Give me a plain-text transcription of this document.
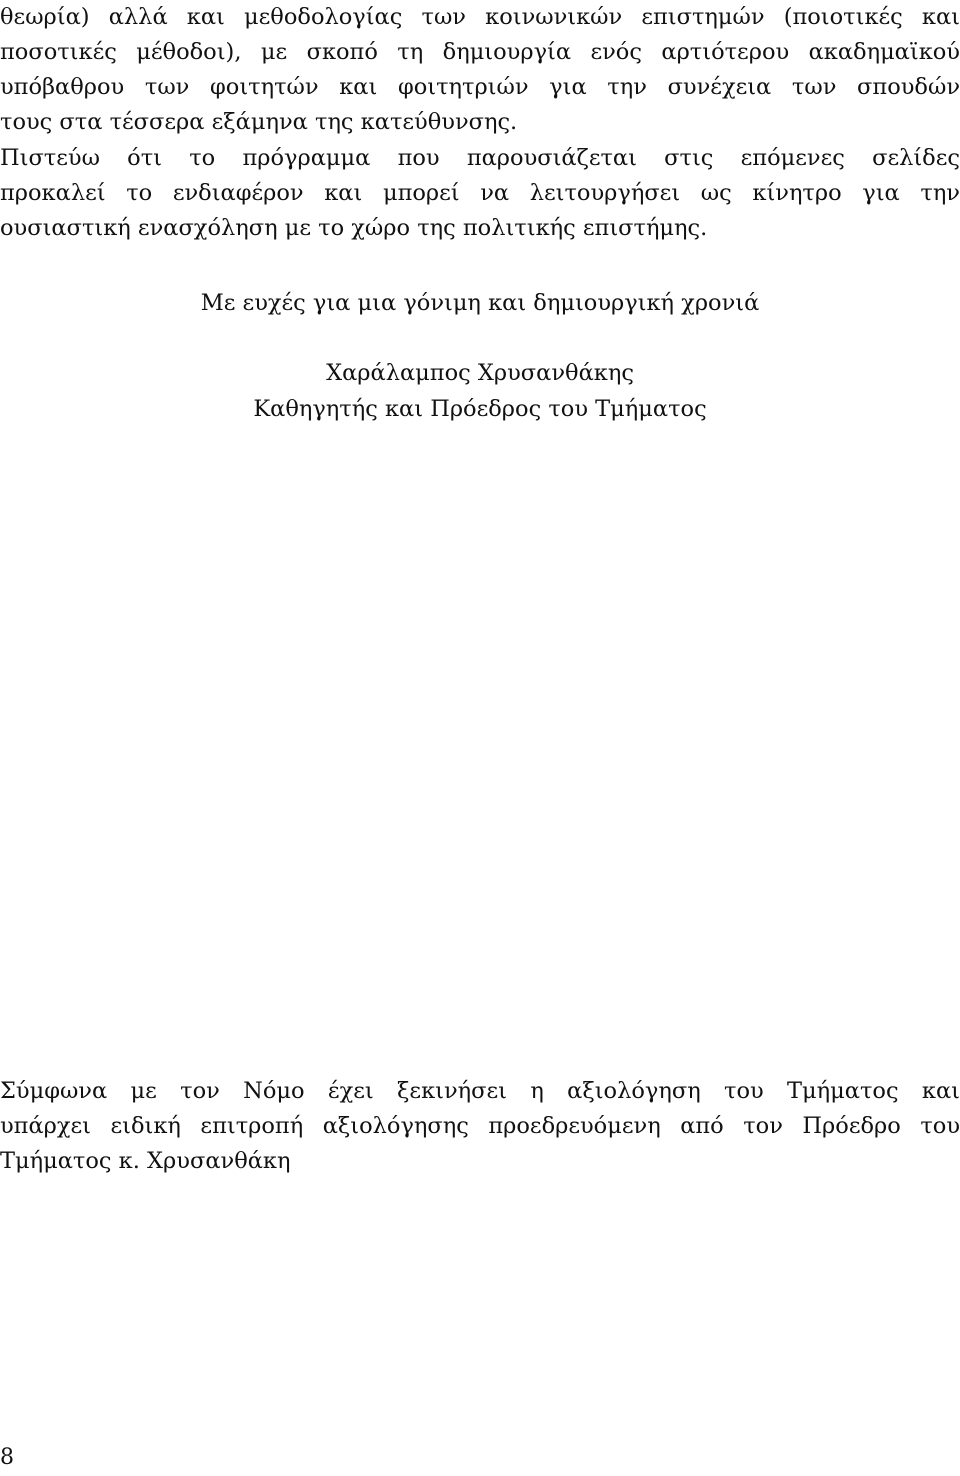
θεωρία) αλλά και μεθοδολογίας των κοινωνικών επιστημών (ποιοτικές και
ποσοτικές μέθοδοι), με σκοπό τη δημιουργία ενός αρτιότερου ακαδημαϊκού
υπόβαθρου των φοιτητών και φοιτητριών για την συνέχεια των σπουδών
τους στα τέσσερα εξάμηνα της κατεύθυνσης.
Πιστεύω ότι το πρόγραμμα που παρουσιάζεται στις επόμενες σελίδες
προκαλεί το ενδιαφέρον και μπορεί να λειτουργήσει ως κίνητρο για την
ουσιαστική ενασχόληση με το χώρο της πολιτικής επιστήμης.
Με ευχές για μια γόνιμη και δημιουργική χρονιά
Χαράλαμπος Χρυσανθάκης
Καθηγητής και Πρόεδρος του Τμήματος
Σύμφωνα με τον Νόμο έχει ξεκινήσει η αξιολόγηση του Τμήματος και
υπάρχει ειδική επιτροπή αξιολόγησης προεδρευόμενη από τον Πρόεδρο του
Τμήματος κ. Χρυσανθάκη
8
